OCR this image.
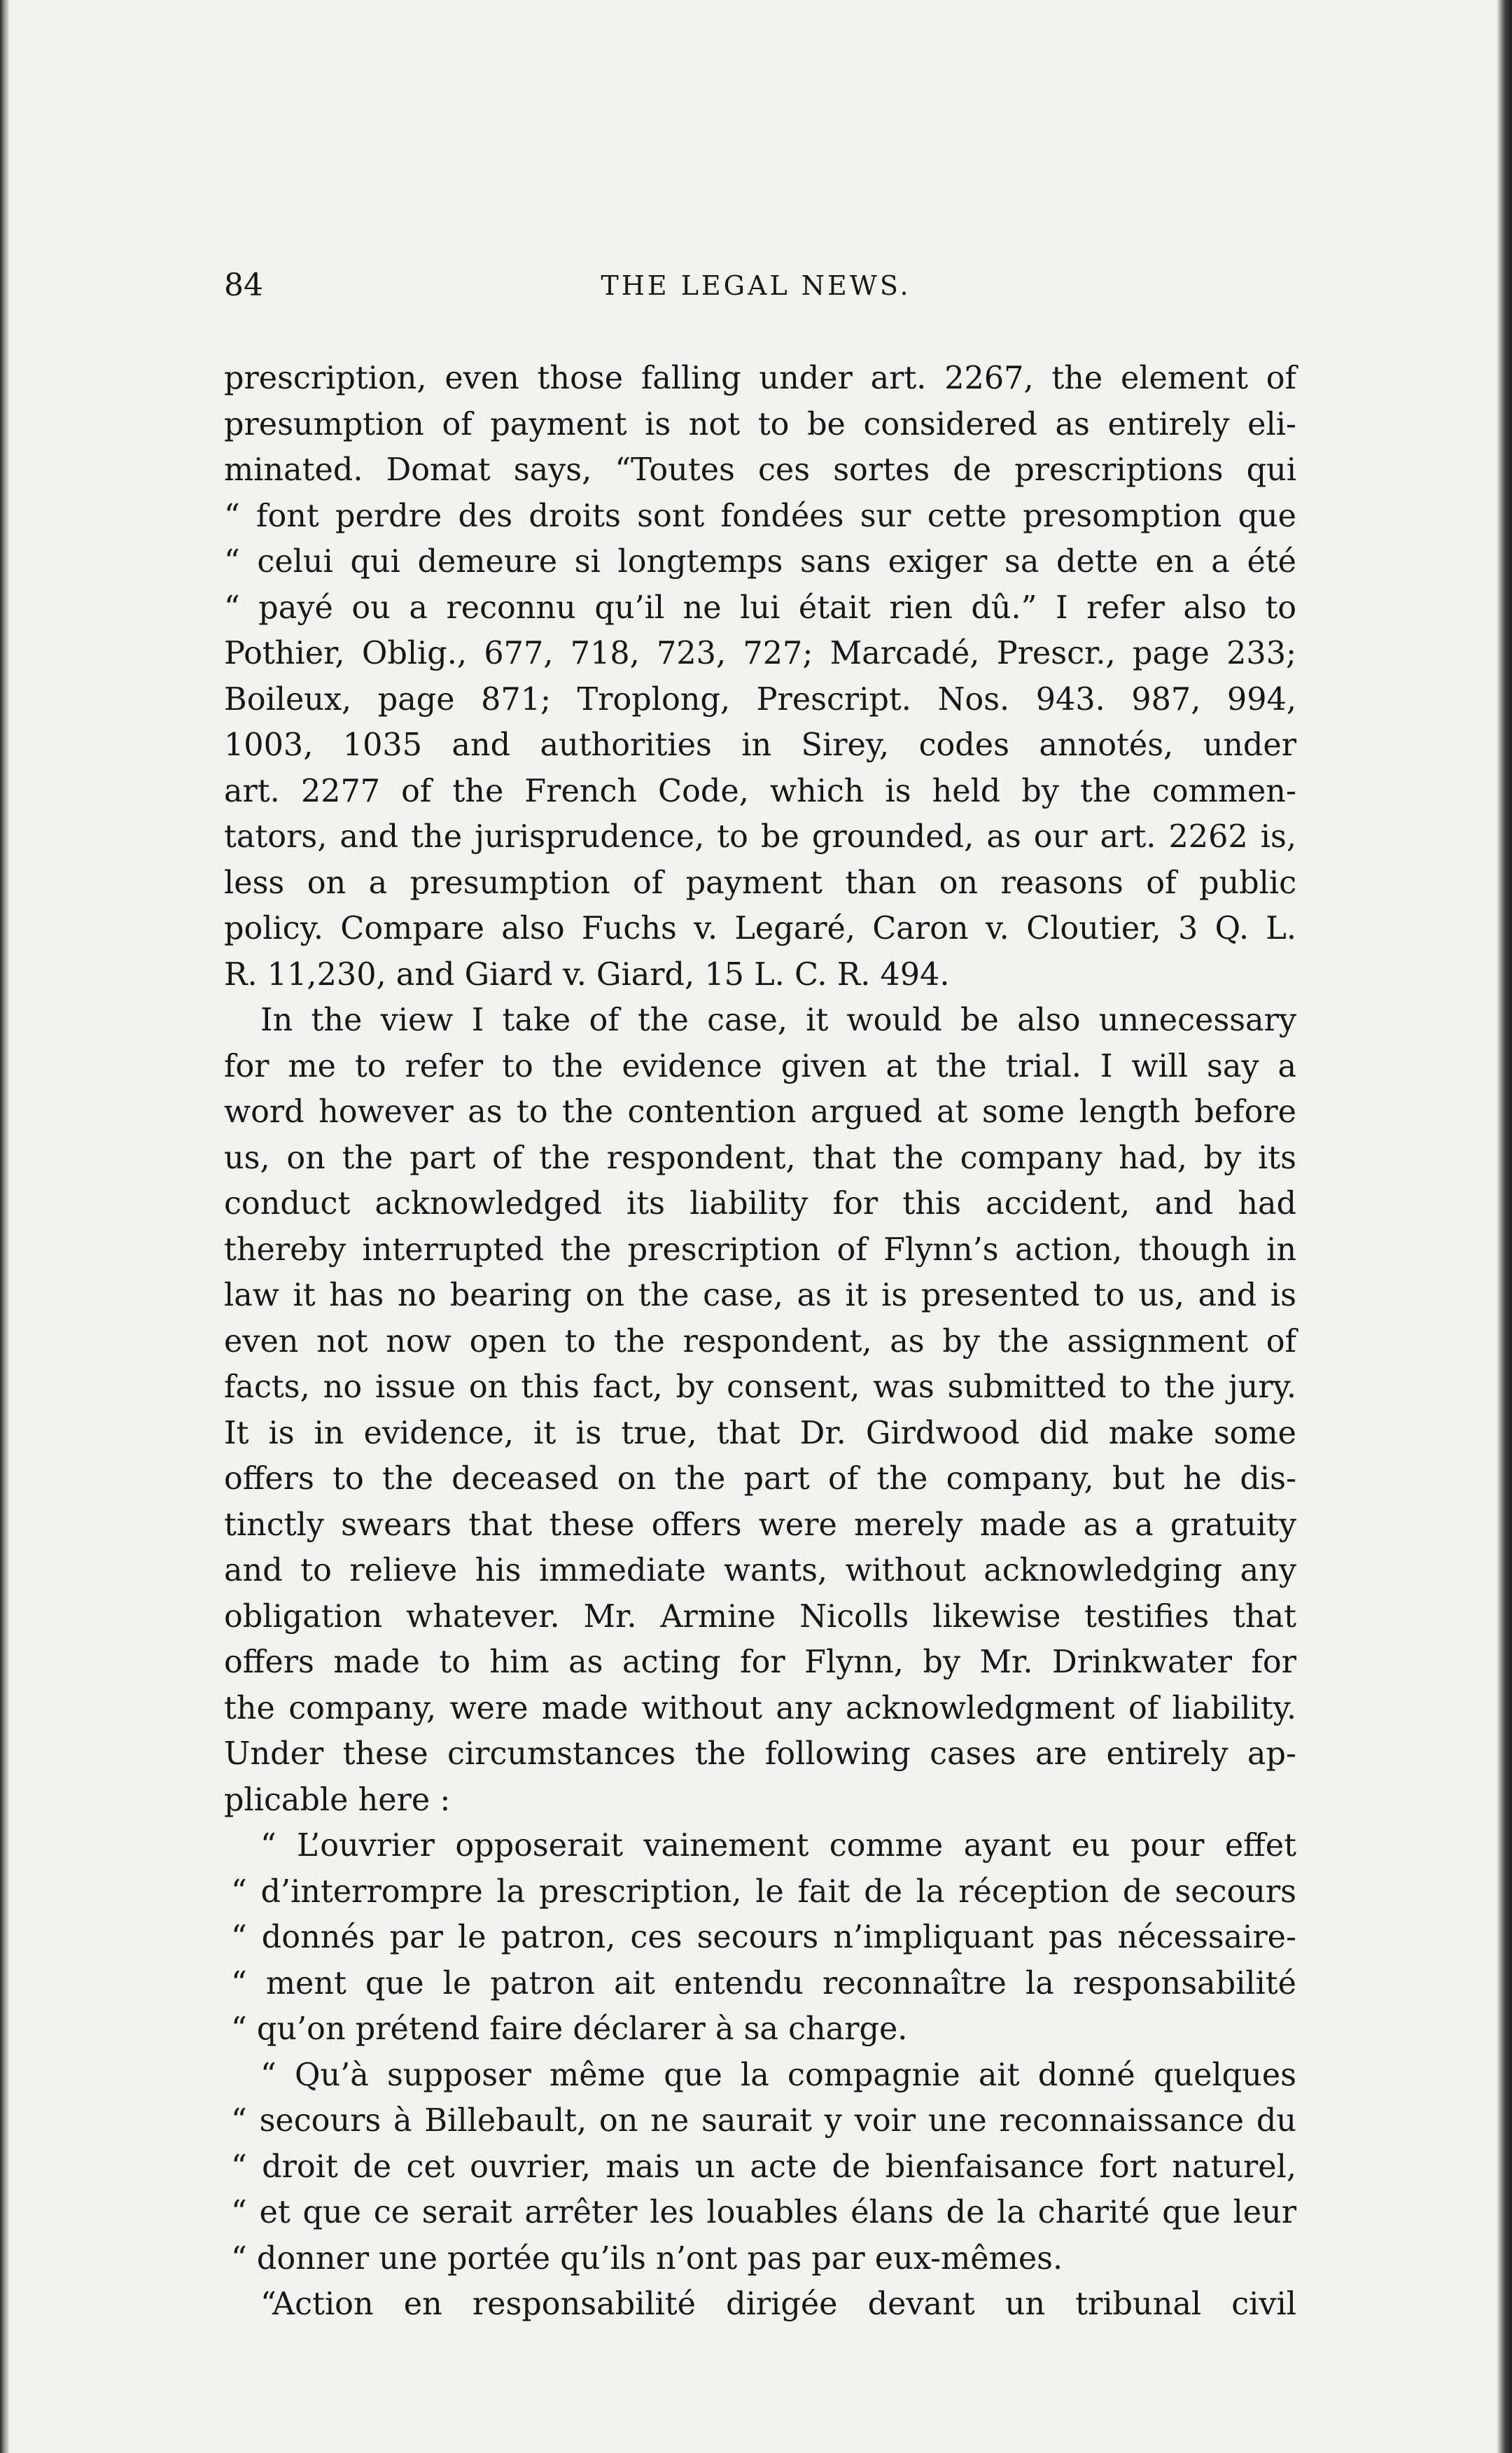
84	THE LEGAL NEWS.
prescription, even those falling under art. 2267, the element of
presumption of payment is not to be considered as entirely eli-
minated. Domat says, “Toutes ces sortes de prescriptions qui
“ font perdre des droits sont fondées sur cette presomption que
“ celui qui demeure si longtemps sans exiger sa dette en a été
“ payé ou a reconnu qu’il ne lui était rien dû.” I refer also to
Pothier, Oblig., 677, 718, 723, 727; Marcadé, Prescr., page 233;
Boileux, page 871; Troplong, Prescript. Nos. 943. 987, 994,
1003, 1035 and authorities in Sirey, codes annotés, under
art. 2277 of the French Code, which is held by the commen-
tators, and the jurisprudence, to be grounded, as our art. 2262 is,
less on a presumption of payment than on reasons of public
policy. Compare also Fuchs v. Legaré, Caron v. Cloutier, 3 Q. L.
R. 11,230, and Giard v. Giard, 15 L. C. R. 494.
In the view I take of the case, it would be also unnecessary
for me to refer to the evidence given at the trial. I will say a
word however as to the contention argued at some length before
us, on the part of the respondent, that the company had, by its
conduct acknowledged its liability for this accident, and had
thereby interrupted the prescription of Flynn’s action, though in
law it has no bearing on the case, as it is presented to us, and is
even not now open to the respondent, as by the assignment of
facts, no issue on this fact, by consent, was submitted to the jury.
It is in evidence, it is true, that Dr. Girdwood did make some
offers to the deceased on the part of the company, but he dis-
tinctly swears that these offers were merely made as a gratuity
and to relieve his immediate wants, without acknowledging any
obligation whatever. Mr. Armine Nicolls likewise testifies that
offers made to him as acting for Flynn, by Mr. Drinkwater for
the company, were made without any acknowledgment of liability.
Under these circumstances the following cases are entirely ap-
plicable here :
“ L’ouvrier opposerait vainement comme ayant eu pour effet
“ d’interrompre la prescription, le fait de la réception de secours
“ donnés par le patron, ces secours n’impliquant pas nécessaire-
“ ment que le patron ait entendu reconnaître la responsabilité
“ qu’on prétend faire déclarer à sa charge.
“ Qu’à supposer même que la compagnie ait donné quelques
“ secours à Billebault, on ne saurait y voir une reconnaissance du
“ droit de cet ouvrier, mais un acte de bienfaisance fort naturel,
“ et que ce serait arrêter les louables élans de la charité que leur
“ donner une portée qu’ils n’ont pas par eux-mêmes.
“Action en responsabilité dirigée devant un tribunal civil
